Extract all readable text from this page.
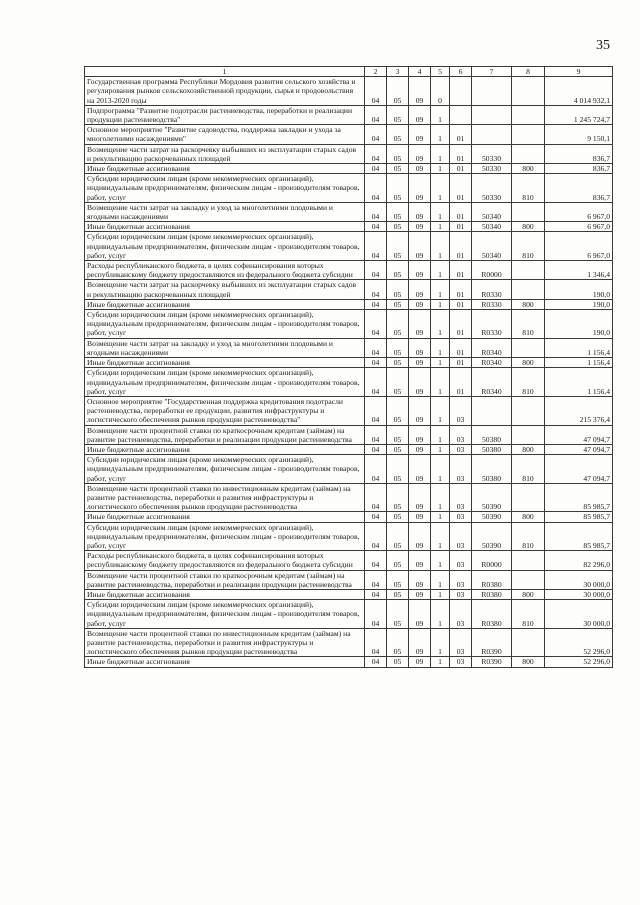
35
1	2	3	4	5	6	7	8	9
Государственная программа Республики Мордовия развития сельского хозяйства и регулирования рынков сельскохозяйственной продукции, сырья и продовольствия на 2013-2020 годы	04	05	09	0				4 014 932,1
Подпрограмма "Развитие подотрасли растениеводства, переработки и реализации продукции растениеводства"	04	05	09	1				1 245 724,7
Основное мероприятие "Развитие садоводства, поддержка закладки и ухода за многолетними насаждениями"	04	05	09	1	01			9 150,1
Возмещение части затрат на раскорчевку выбывших из эксплуатации старых садов и рекультивацию раскорчеванных площадей	04	05	09	1	01	50330		836,7
Иные бюджетные ассигнования	04	05	09	1	01	50330	800	836,7
Субсидии юридическим лицам (кроме некоммерческих организаций), индивидуальным предпринимателям, физическим лицам - производителям товаров, работ, услуг	04	05	09	1	01	50330	810	836,7
Возмещение части затрат на закладку и уход за многолетними плодовыми и ягодными насаждениями	04	05	09	1	01	50340		6 967,0
Иные бюджетные ассигнования	04	05	09	1	01	50340	800	6 967,0
Субсидии юридическим лицам (кроме некоммерческих организаций), индивидуальным предпринимателям, физическим лицам - производителям товаров, работ, услуг	04	05	09	1	01	50340	810	6 967,0
Расходы республиканского бюджета, в целях софинансирования которых республиканскому бюджету предоставляются из федерального бюджета субсидии	04	05	09	1	01	R0000		1 346,4
Возмещение части затрат на раскорчевку выбывших из эксплуатации старых садов и рекультивацию раскорчеванных площадей	04	05	09	1	01	R0330		190,0
Иные бюджетные ассигнования	04	05	09	1	01	R0330	800	190,0
Субсидии юридическим лицам (кроме некоммерческих организаций), индивидуальным предпринимателям, физическим лицам - производителям товаров, работ, услуг	04	05	09	1	01	R0330	810	190,0
Возмещение части затрат на закладку и уход за многолетними плодовыми и ягодными насаждениями	04	05	09	1	01	R0340		1 156,4
Иные бюджетные ассигнования	04	05	09	1	01	R0340	800	1 156,4
Субсидии юридическим лицам (кроме некоммерческих организаций), индивидуальным предпринимателям, физическим лицам - производителям товаров, работ, услуг	04	05	09	1	01	R0340	810	1 156,4
Основное мероприятие "Государственная поддержка кредитования подотрасли растениеводства, переработки ее продукции, развития инфраструктуры и логистического обеспечения рынков продукции растениеводства"	04	05	09	1	03			215 376,4
Возмещение части процентной ставки по краткосрочным кредитам (займам) на развитие растениеводства, переработки и реализации продукции растениеводства	04	05	09	1	03	50380		47 094,7
Иные бюджетные ассигнования	04	05	09	1	03	50380	800	47 094,7
Субсидии юридическим лицам (кроме некоммерческих организаций), индивидуальным предпринимателям, физическим лицам - производителям товаров, работ, услуг	04	05	09	1	03	50380	810	47 094,7
Возмещение части процентной ставки по инвестиционным кредитам (займам) на развитие растениеводства, переработки и развития инфраструктуры и логистического обеспечения рынков продукции растениеводства	04	05	09	1	03	50390		85 985,7
Иные бюджетные ассигнования	04	05	09	1	03	50390	800	85 985,7
Субсидии юридическим лицам (кроме некоммерческих организаций), индивидуальным предпринимателям, физическим лицам - производителям товаров, работ, услуг	04	05	09	1	03	50390	810	85 985,7
Расходы республиканского бюджета, в целях софинансирования которых республиканскому бюджету предоставляются из федерального бюджета субсидии	04	05	09	1	03	R0000		82 296,0
Возмещение части процентной ставки по краткосрочным кредитам (займам) на развитие растениеводства, переработки и реализации продукции растениеводства	04	05	09	1	03	R0380		30 000,0
Иные бюджетные ассигнования	04	05	09	1	03	R0380	800	30 000,0
Субсидии юридическим лицам (кроме некоммерческих организаций), индивидуальным предпринимателям, физическим лицам - производителям товаров, работ, услуг	04	05	09	1	03	R0380	810	30 000,0
Возмещение части процентной ставки по инвестиционным кредитам (займам) на развитие растениеводства, переработки и развития инфраструктуры и логистического обеспечения рынков продукции растениеводства	04	05	09	1	03	R0390		52 296,0
Иные бюджетные ассигнования	04	05	09	1	03	R0390	800	52 296,0
